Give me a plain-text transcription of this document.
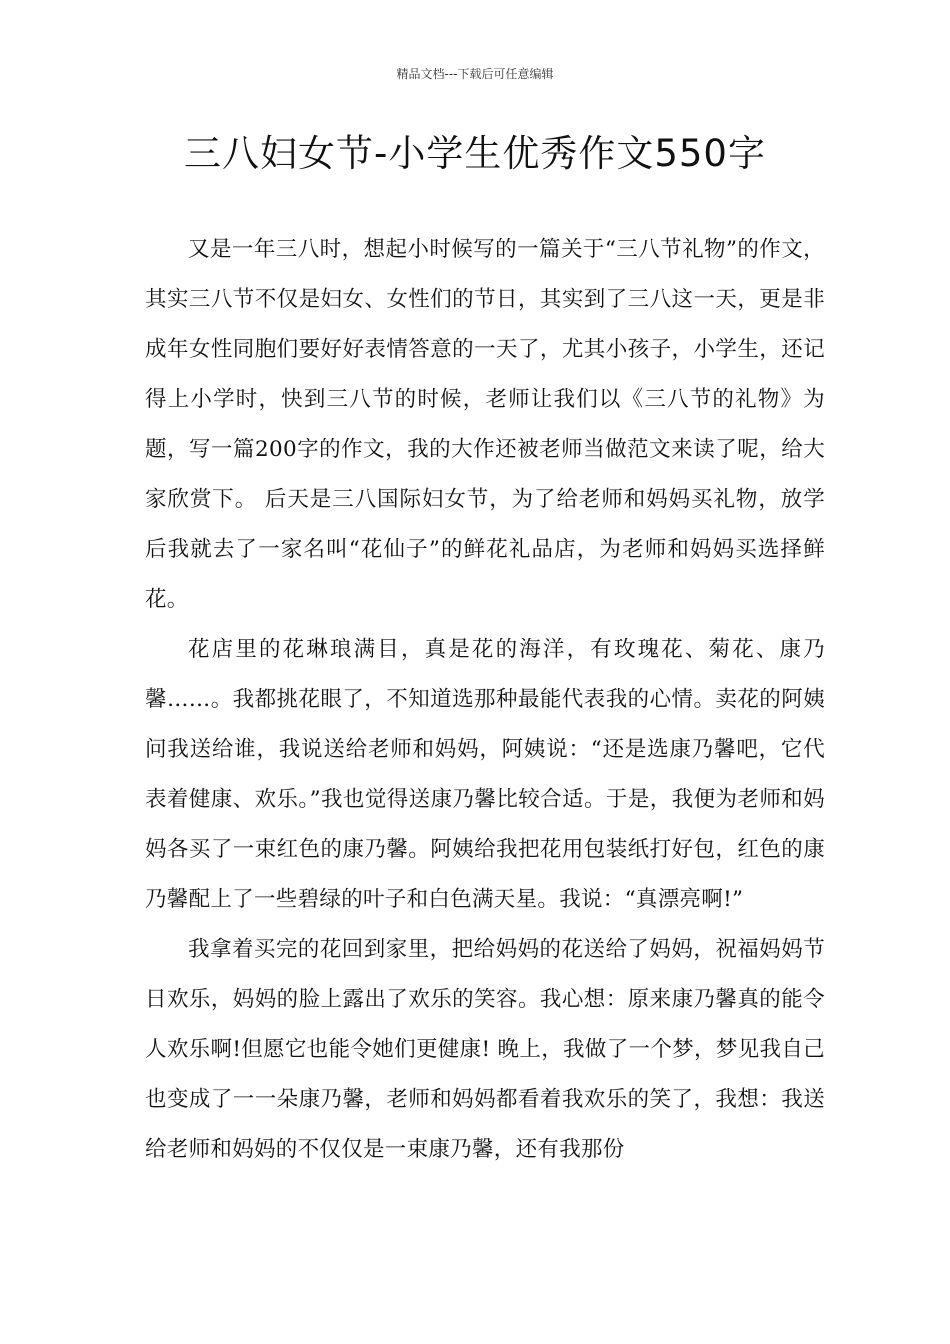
精品文档---下载后可任意编辑
三八妇女节-小学生优秀作文550字

又是一年三八时，想起小时候写的一篇关于“三八节礼物”的作文，其实三八节不仅是妇女、女性们的节日，其实到了三八这一天，更是非成年女性同胞们要好好表情答意的一天了，尤其小孩子，小学生，还记得上小学时，快到三八节的时候，老师让我们以《三八节的礼物》为题，写一篇200字的作文，我的大作还被老师当做范文来读了呢，给大家欣赏下。 后天是三八国际妇女节，为了给老师和妈妈买礼物，放学后我就去了一家名叫“花仙子”的鲜花礼品店，为老师和妈妈买选择鲜花。

花店里的花琳琅满目，真是花的海洋，有玫瑰花、菊花、康乃馨……。我都挑花眼了，不知道选那种最能代表我的心情。卖花的阿姨问我送给谁，我说送给老师和妈妈，阿姨说：“还是选康乃馨吧，它代表着健康、欢乐。”我也觉得送康乃馨比较合适。于是，我便为老师和妈妈各买了一束红色的康乃馨。阿姨给我把花用包装纸打好包，红色的康乃馨配上了一些碧绿的叶子和白色满天星。我说：“真漂亮啊!”

我拿着买完的花回到家里，把给妈妈的花送给了妈妈，祝福妈妈节日欢乐，妈妈的脸上露出了欢乐的笑容。我心想：原来康乃馨真的能令人欢乐啊!但愿它也能令她们更健康! 晚上，我做了一个梦，梦见我自己也变成了一一朵康乃馨，老师和妈妈都看着我欢乐的笑了，我想：我送给老师和妈妈的不仅仅是一束康乃馨，还有我那份
